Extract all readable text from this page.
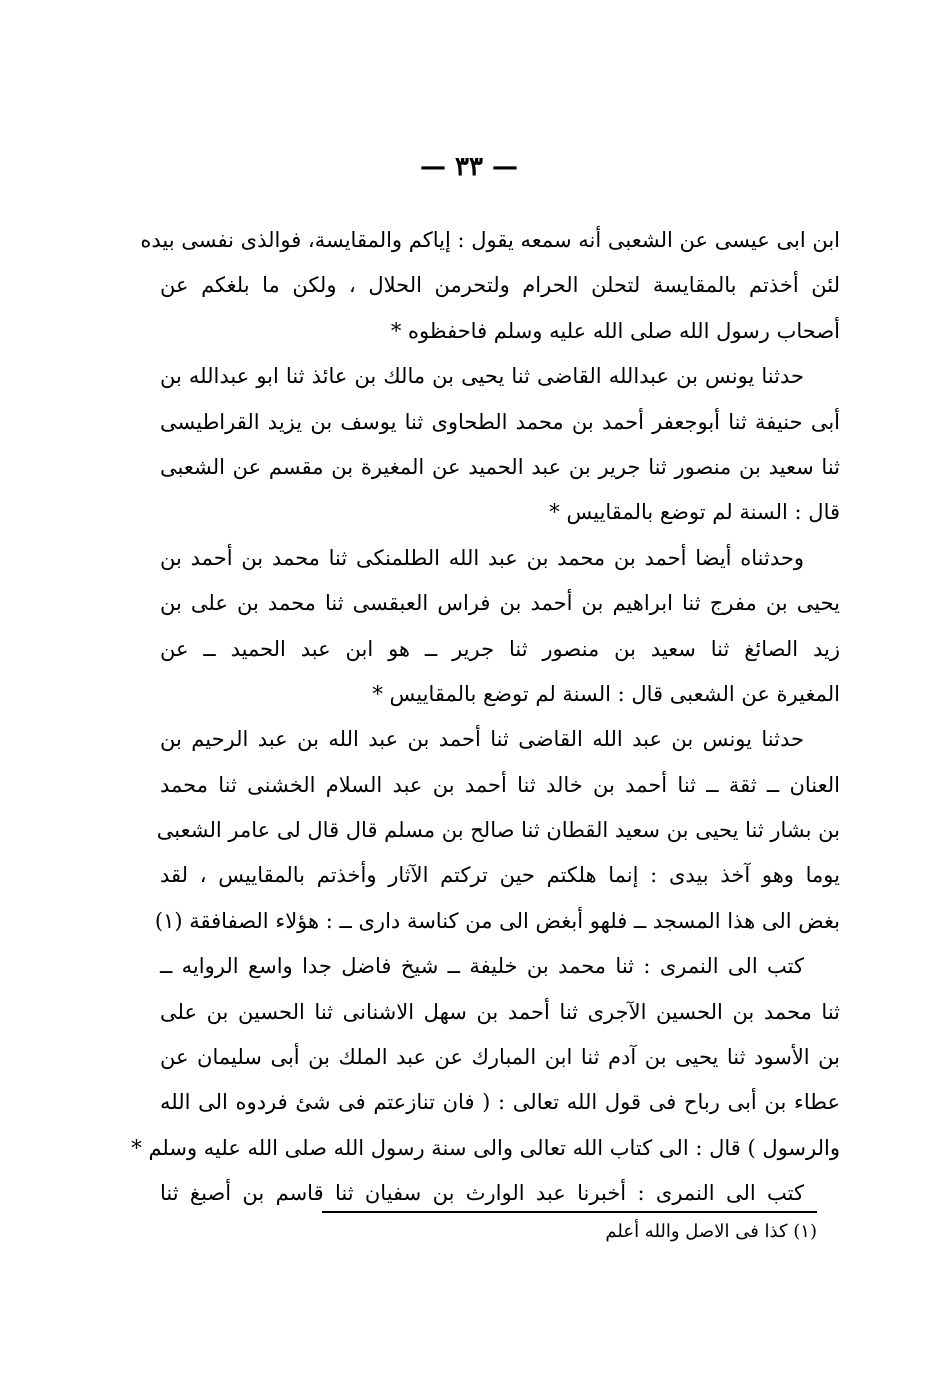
— ٣٣ —
ابن ابى عيسى عن الشعبى أنه سمعه يقول : إياكم والمقايسة، فوالذى نفسى بيده
لئن أخذتم بالمقايسة لتحلن الحرام ولتحرمن الحلال ، ولكن ما بلغكم عن
أصحاب رسول الله صلى الله عليه وسلم فاحفظوه *
حدثنا يونس بن عبدالله القاضى ثنا يحيى بن مالك بن عائذ ثنا ابو عبدالله بن
أبى حنيفة ثنا أبوجعفر أحمد بن محمد الطحاوى ثنا يوسف بن يزيد القراطيسى
ثنا سعيد بن منصور ثنا جرير بن عبد الحميد عن المغيرة بن مقسم عن الشعبى
قال : السنة لم توضع بالمقاييس *
وحدثناه أيضا أحمد بن محمد بن عبد الله الطلمنكى ثنا محمد بن أحمد بن
يحيى بن مفرج ثنا ابراهيم بن أحمد بن فراس العبقسى ثنا محمد بن على بن
زيد الصائغ ثنا سعيد بن منصور ثنا جرير ــ هو ابن عبد الحميد ــ عن
المغيرة عن الشعبى قال : السنة لم توضع بالمقاييس *
حدثنا يونس بن عبد الله القاضى ثنا أحمد بن عبد الله بن عبد الرحيم بن
العنان ــ ثقة ــ ثنا أحمد بن خالد ثنا أحمد بن عبد السلام الخشنى ثنا محمد
بن بشار ثنا يحيى بن سعيد القطان ثنا صالح بن مسلم قال قال لى عامر الشعبى
يوما وهو آخذ بيدى : إنما هلكتم حين تركتم الآثار وأخذتم بالمقاييس ، لقد
بغض الى هذا المسجد ــ فلهو أبغض الى من كناسة دارى ــ : هؤلاء الصفافقة (١)
كتب الى النمرى : ثنا محمد بن خليفة ــ شيخ فاضل جدا واسع الروايه ــ
ثنا محمد بن الحسين الآجرى ثنا أحمد بن سهل الاشنانى ثنا الحسين بن على
بن الأسود ثنا يحيى بن آدم ثنا ابن المبارك عن عبد الملك بن أبى سليمان عن
عطاء بن أبى رباح فى قول الله تعالى : ( فان تنازعتم فى شئ فردوه الى الله
والرسول ) قال : الى كتاب الله تعالى والى سنة رسول الله صلى الله عليه وسلم *
كتب الى النمرى : أخبرنا عبد الوارث بن سفيان ثنا قاسم بن أصبغ ثنا
(١) كذا فى الاصل والله أعلم
